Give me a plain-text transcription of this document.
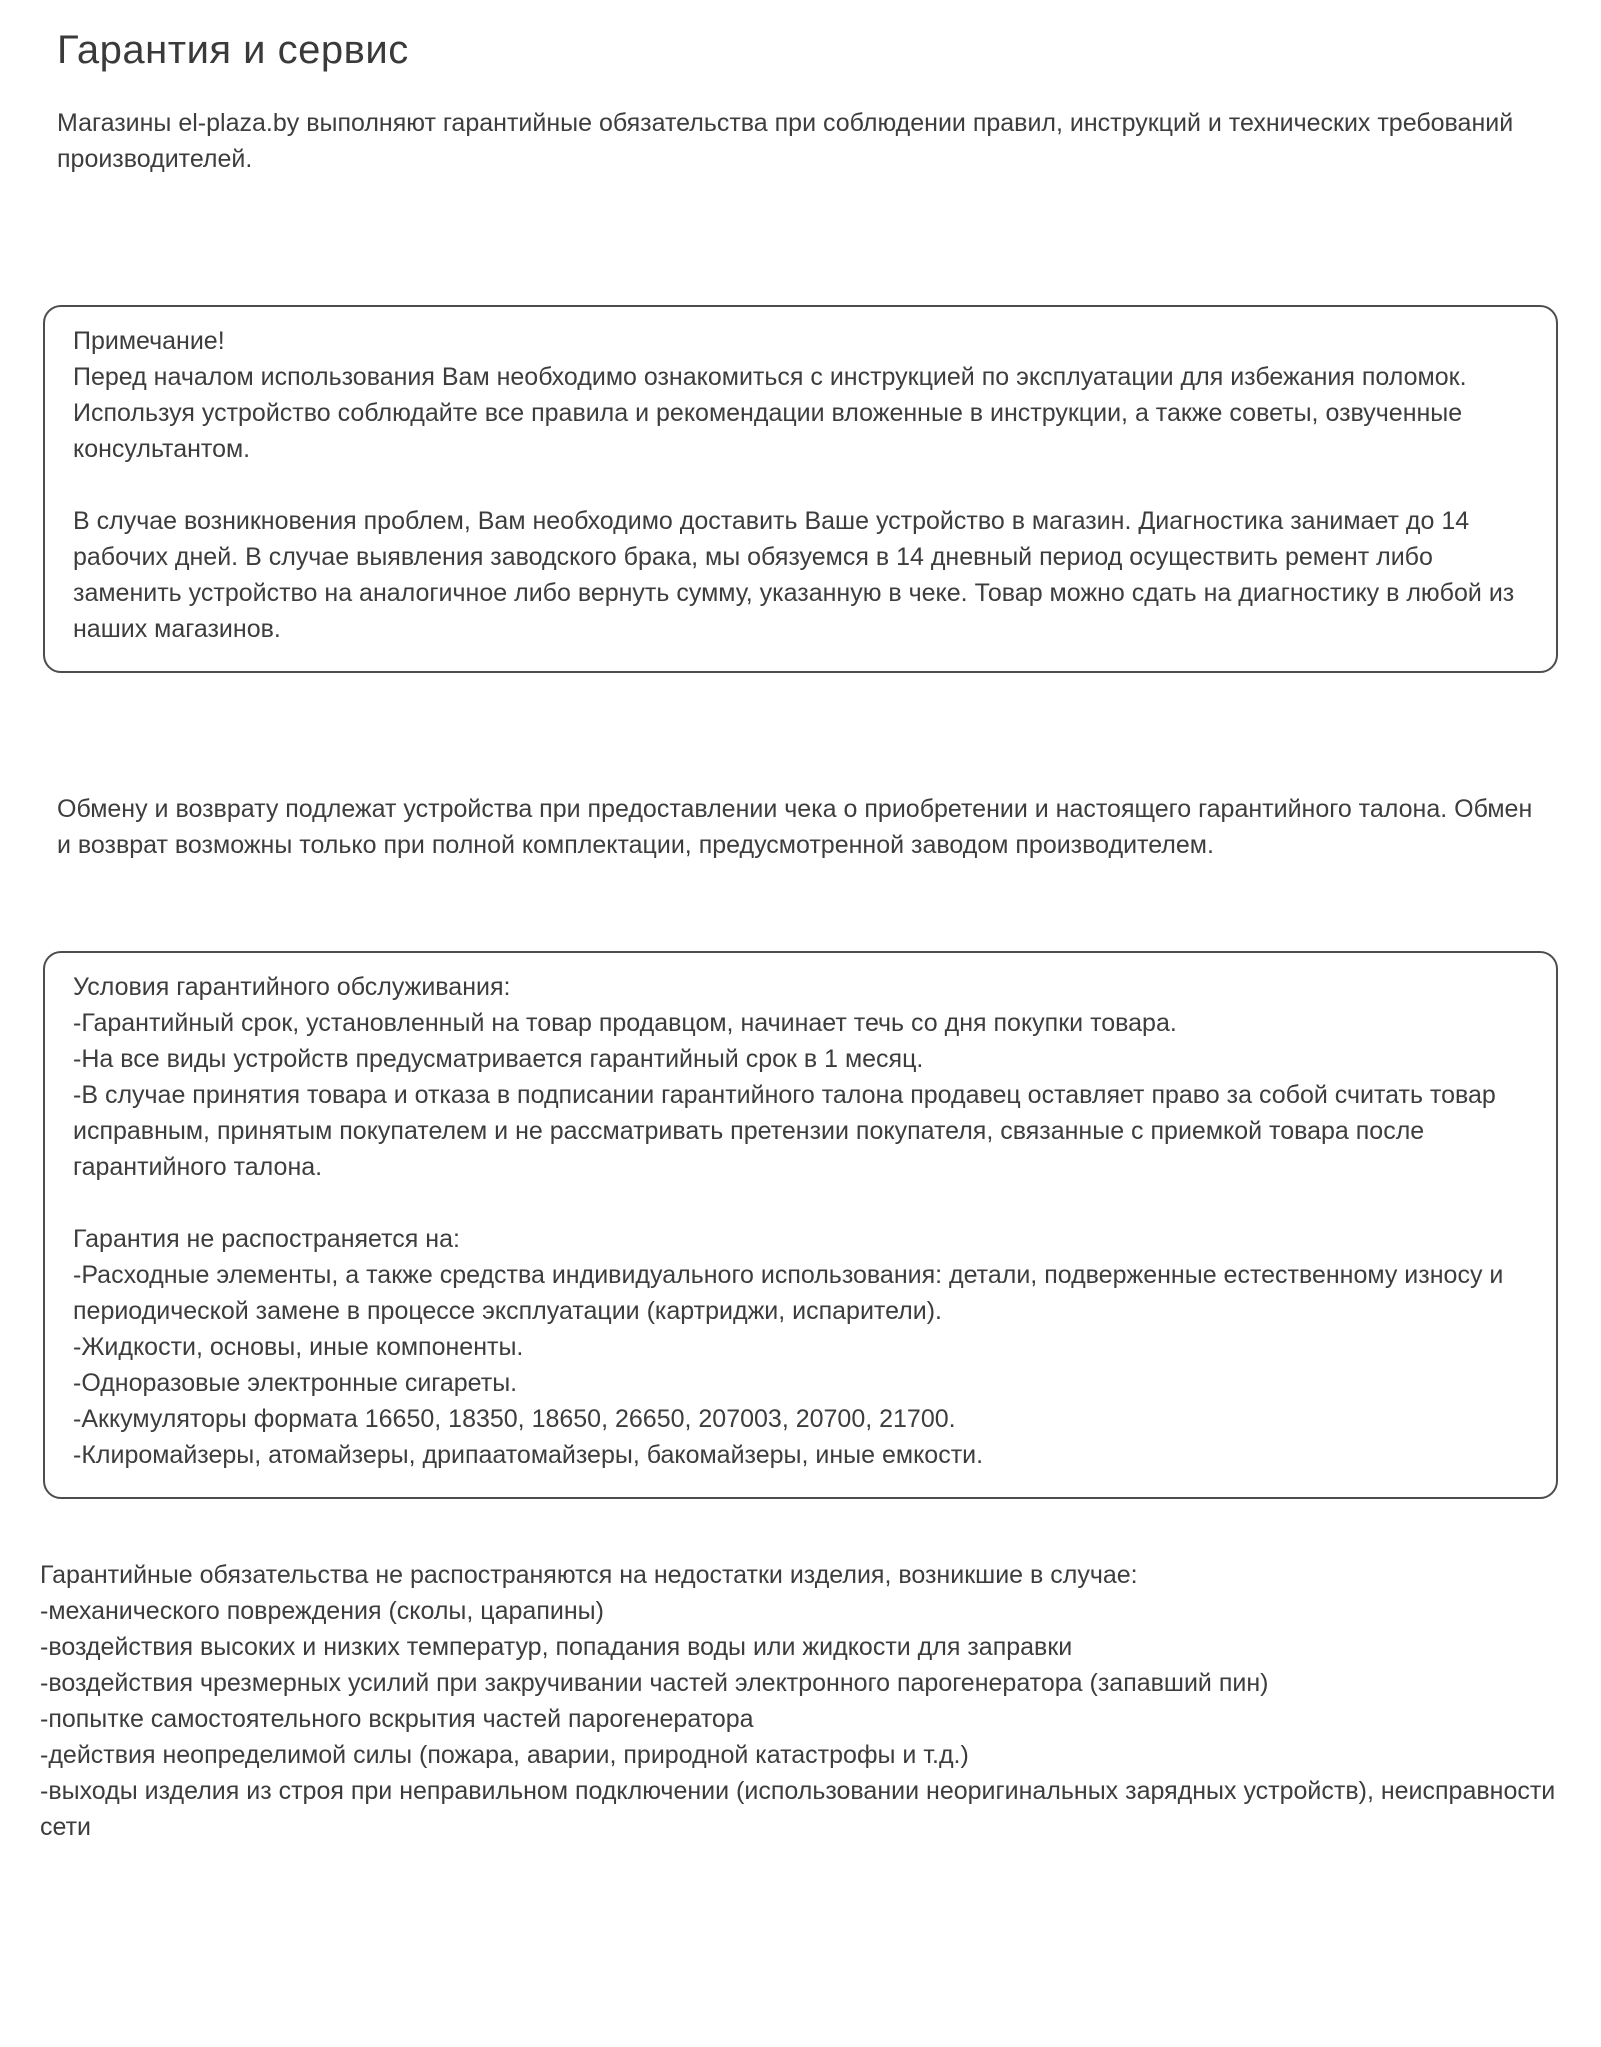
Гарантия и сервис

Магазины el-plaza.by выполняют гарантийные обязательства при соблюдении правил, инструкций и технических требований производителей.

Примечание!
Перед началом использования Вам необходимо ознакомиться с инструкцией по эксплуатации для избежания поломок. Используя устройство соблюдайте все правила и рекомендации вложенные в инструкции, а также советы, озвученные консультантом.
В случае возникновения проблем, Вам необходимо доставить Ваше устройство в магазин. Диагностика занимает до 14 рабочих дней. В случае выявления заводского брака, мы обязуемся в 14 дневный период осуществить ремент либо заменить устройство на аналогичное либо вернуть сумму, указанную в чеке. Товар можно сдать на диагностику в любой из наших магазинов.

Обмену и возврату подлежат устройства при предоставлении чека о приобретении и настоящего гарантийного талона. Обмен и возврат возможны только при полной комплектации, предусмотренной заводом производителем.

Условия гарантийного обслуживания:
-Гарантийный срок, установленный на товар продавцом, начинает течь со дня покупки товара.
-На все виды устройств предусматривается гарантийный срок в 1 месяц.
-В случае принятия товара и отказа в подписании гарантийного талона продавец оставляет право за собой считать товар исправным, принятым покупателем и не рассматривать претензии покупателя, связанные с приемкой товара после гарантийного талона.
Гарантия не распостраняется на:
-Расходные элементы, а также средства индивидуального использования: детали, подверженные естественному износу и периодической замене в процессе эксплуатации (картриджи, испарители).
-Жидкости, основы, иные компоненты.
-Одноразовые электронные сигареты.
-Аккумуляторы формата 16650, 18350, 18650, 26650, 207003, 20700, 21700.
-Клиромайзеры, атомайзеры, дрипаатомайзеры, бакомайзеры, иные емкости.
Гарантийные обязательства не распостраняются на недостатки изделия, возникшие в случае:
-механического повреждения (сколы, царапины)
-воздействия высоких и низких температур, попадания воды или жидкости для заправки
-воздействия чрезмерных усилий при закручивании частей электронного парогенератора (запавший пин)
-попытке самостоятельного вскрытия частей парогенератора
-действия неопределимой силы (пожара, аварии, природной катастрофы и т.д.)
-выходы изделия из строя при неправильном подключении (использовании неоригинальных зарядных устройств), неисправности сети
